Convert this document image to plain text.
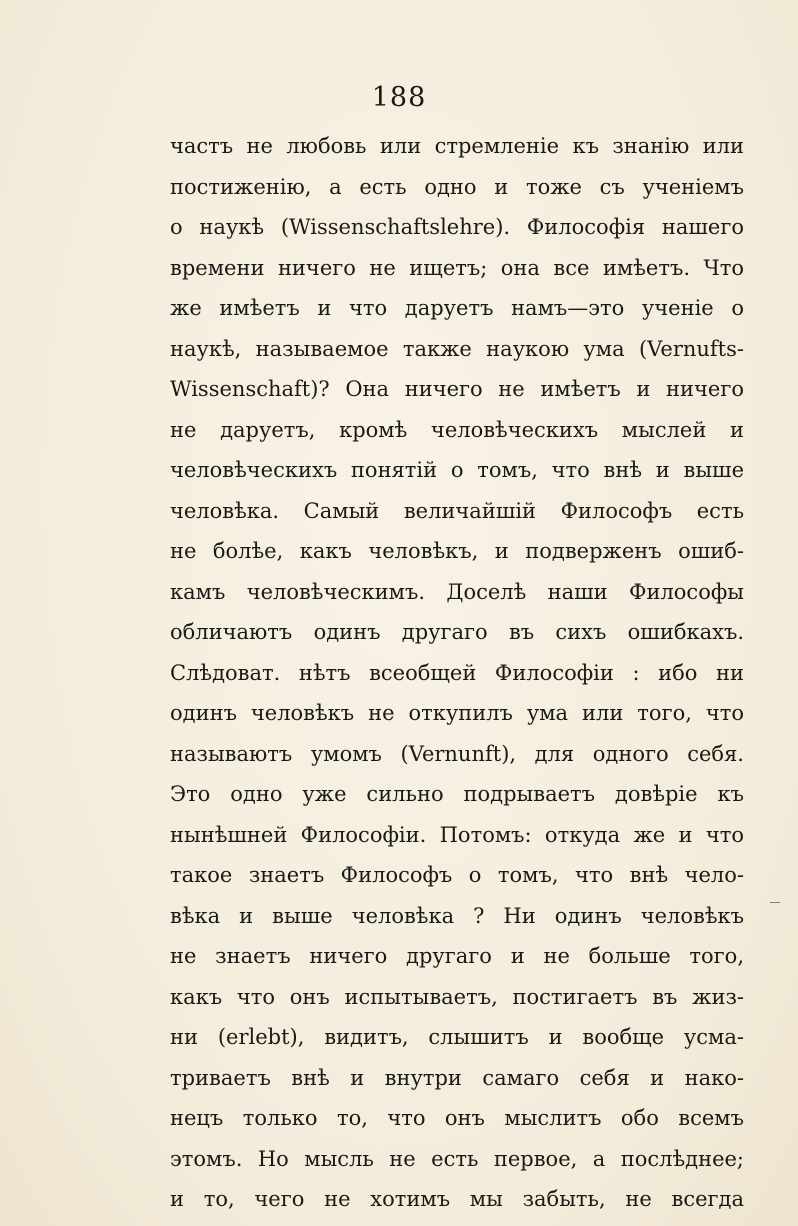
188
частъ не любовь или стремленіе къ знанію или
постиженію, а есть одно и тоже съ ученіемъ
о наукѣ (Wissenschaftslehre). Философія нашего
времени ничего не ищетъ; она все имѣетъ. Что
же имѣетъ и что даруетъ намъ—это ученіе о
наукѣ, называемое также наукою ума (Vernufts-
Wissenschaft)? Она ничего не имѣетъ и ничего
не даруетъ, кромѣ человѣческихъ мыслей и
человѣческихъ понятій о томъ, что внѣ и выше
человѣка. Самый величайшій Философъ есть
не болѣе, какъ человѣкъ, и подверженъ ошиб-
камъ человѣческимъ. Доселѣ наши Философы
обличаютъ одинъ другаго въ сихъ ошибкахъ.
Слѣдоват. нѣтъ всеобщей Философіи : ибо ни
одинъ человѣкъ не откупилъ ума или того, что
называютъ умомъ (Vernunft), для одного себя.
Это одно уже сильно подрываетъ довѣріе къ
нынѣшней Философіи. Потомъ: откуда же и что
такое знаетъ Философъ о томъ, что внѣ чело-
вѣка и выше человѣка ? Ни одинъ человѣкъ
не знаетъ ничего другаго и не больше того,
какъ что онъ испытываетъ, постигаетъ въ жиз-
ни (erlebt), видитъ, слышитъ и вообще усма-
триваетъ внѣ и внутри самаго себя и нако-
нецъ только то, что онъ мыслитъ обо всемъ
этомъ. Но мысль не есть первое, а послѣднее;
и то, чего не хотимъ мы забыть, не всегда
